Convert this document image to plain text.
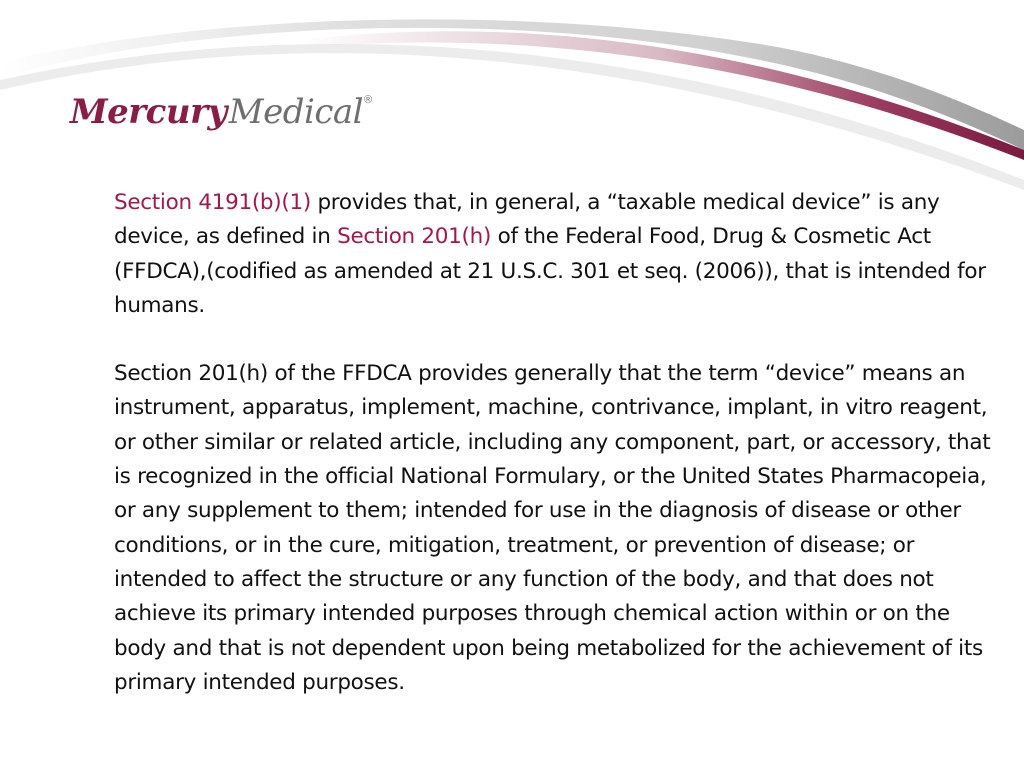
Mercury Medical ®

Section 4191(b)(1) provides that, in general, a “taxable medical device” is any device, as defined in Section 201(h) of the Federal Food, Drug & Cosmetic Act (FFDCA),(codified as amended at 21 U.S.C. 301 et seq. (2006)), that is intended for humans.

Section 201(h) of the FFDCA provides generally that the term “device” means an instrument, apparatus, implement, machine, contrivance, implant, in vitro reagent, or other similar or related article, including any component, part, or accessory, that is recognized in the official National Formulary, or the United States Pharmacopeia, or any supplement to them; intended for use in the diagnosis of disease or other conditions, or in the cure, mitigation, treatment, or prevention of disease; or intended to affect the structure or any function of the body, and that does not achieve its primary intended purposes through chemical action within or on the body and that is not dependent upon being metabolized for the achievement of its primary intended purposes.
